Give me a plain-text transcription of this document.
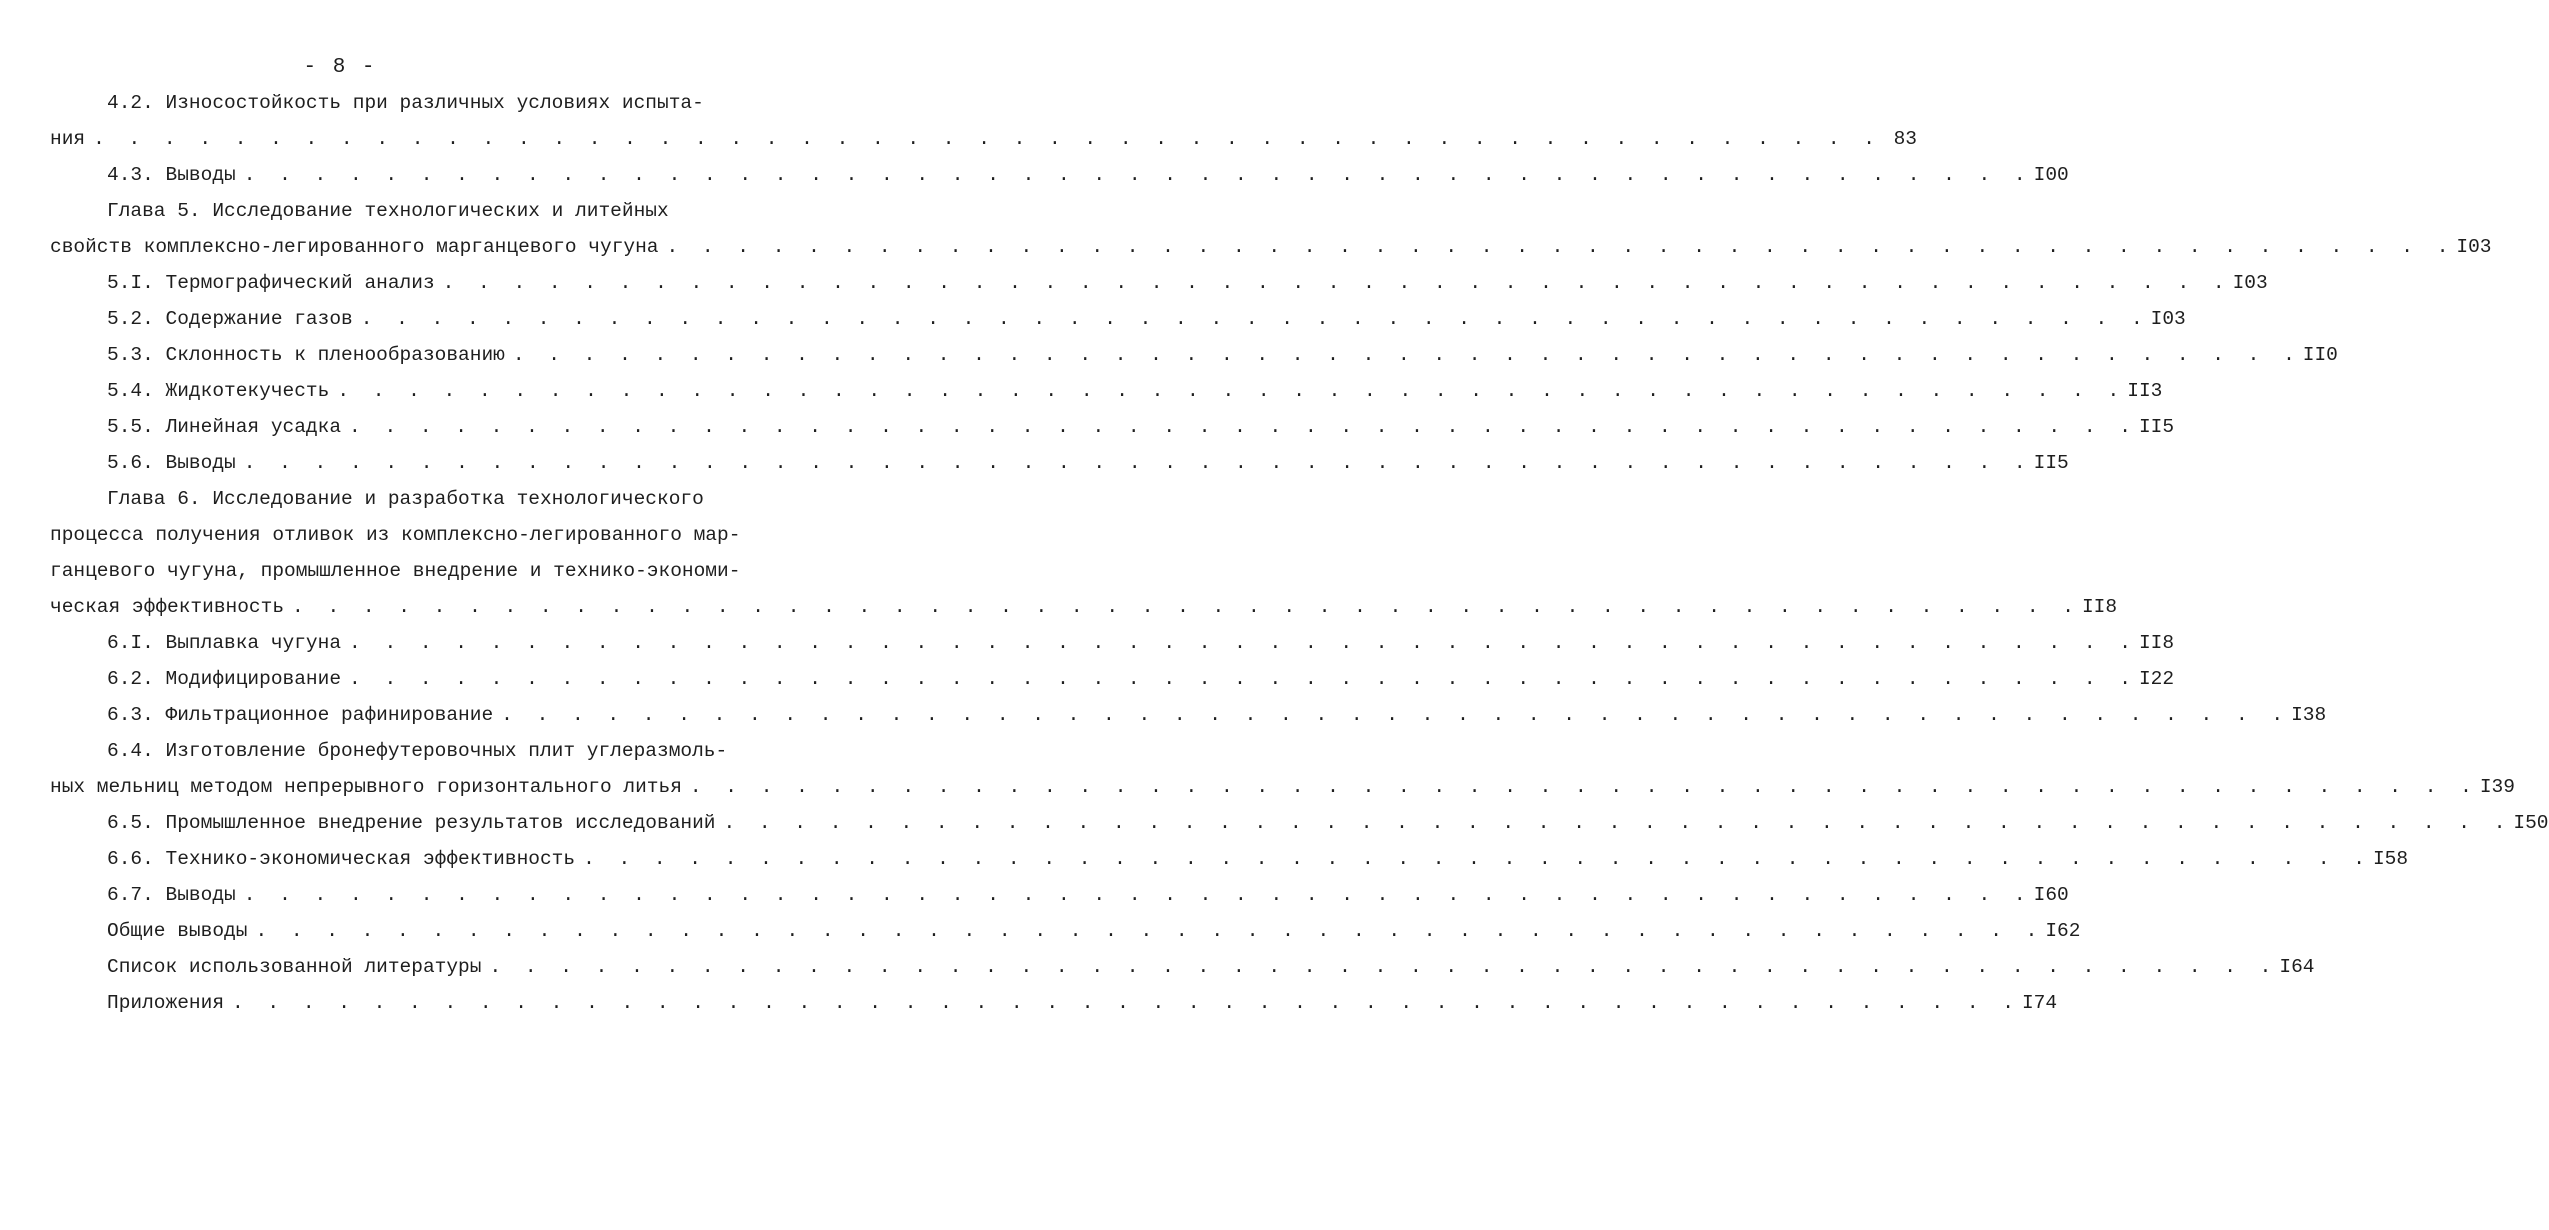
- 8 -
4.2. Износостойкость при различных условиях испыта-
ния . . . . . . . . . . . . . . . . . . . . . . . . . . . . . . . . . . . . . . . . . . . . . . . . . . . 83
4.3. Выводы . . . . . . . . . . . . . . . . . . . . . . . . . . . . . . . . . . . . . . . . . . . . . . . . . . . I00
Глава 5. Исследование технологических и литейных
свойств комплексно-легированного марганцевого чугуна . . . . . . . . . . . . . . . . . . . . . . . . . . . . . . . . . . . . . . . . . . . . . . . . . . . I03
5.I. Термографический анализ . . . . . . . . . . . . . . . . . . . . . . . . . . . . . . . . . . . . . . . . . . . . . . . . . . . I03
5.2. Содержание газов . . . . . . . . . . . . . . . . . . . . . . . . . . . . . . . . . . . . . . . . . . . . . . . . . . . I03
5.3. Склонность к пленообразованию . . . . . . . . . . . . . . . . . . . . . . . . . . . . . . . . . . . . . . . . . . . . . . . . . . . II0
5.4. Жидкотекучесть . . . . . . . . . . . . . . . . . . . . . . . . . . . . . . . . . . . . . . . . . . . . . . . . . . . II3
5.5. Линейная усадка . . . . . . . . . . . . . . . . . . . . . . . . . . . . . . . . . . . . . . . . . . . . . . . . . . . II5
5.6. Выводы . . . . . . . . . . . . . . . . . . . . . . . . . . . . . . . . . . . . . . . . . . . . . . . . . . . II5
Глава 6. Исследование и разработка технологического
процесса получения отливок из комплексно-легированного мар-
ганцевого чугуна, промышленное внедрение и технико-экономи-
ческая эффективность . . . . . . . . . . . . . . . . . . . . . . . . . . . . . . . . . . . . . . . . . . . . . . . . . . . II8
6.I. Выплавка чугуна . . . . . . . . . . . . . . . . . . . . . . . . . . . . . . . . . . . . . . . . . . . . . . . . . . . II8
6.2. Модифицирование . . . . . . . . . . . . . . . . . . . . . . . . . . . . . . . . . . . . . . . . . . . . . . . . . . . I22
6.3. Фильтрационное рафинирование . . . . . . . . . . . . . . . . . . . . . . . . . . . . . . . . . . . . . . . . . . . . . . . . . . . I38
6.4. Изготовление бронефутеровочных плит углеразмоль-
ных мельниц методом непрерывного горизонтального литья . . . . . . . . . . . . . . . . . . . . . . . . . . . . . . . . . . . . . . . . . . . . . . . . . . . I39
6.5. Промышленное внедрение результатов исследований . . . . . . . . . . . . . . . . . . . . . . . . . . . . . . . . . . . . . . . . . . . . . . . . . . . I50
6.6. Технико-экономическая эффективность . . . . . . . . . . . . . . . . . . . . . . . . . . . . . . . . . . . . . . . . . . . . . . . . . . . I58
6.7. Выводы . . . . . . . . . . . . . . . . . . . . . . . . . . . . . . . . . . . . . . . . . . . . . . . . . . . I60
Общие выводы . . . . . . . . . . . . . . . . . . . . . . . . . . . . . . . . . . . . . . . . . . . . . . . . . . . I62
Список использованной литературы . . . . . . . . . . . . . . . . . . . . . . . . . . . . . . . . . . . . . . . . . . . . . . . . . . . I64
Приложения . . . . . . . . . . . . . . . . . . . . . . . . . . . . . . . . . . . . . . . . . . . . . . . . . . . I74
